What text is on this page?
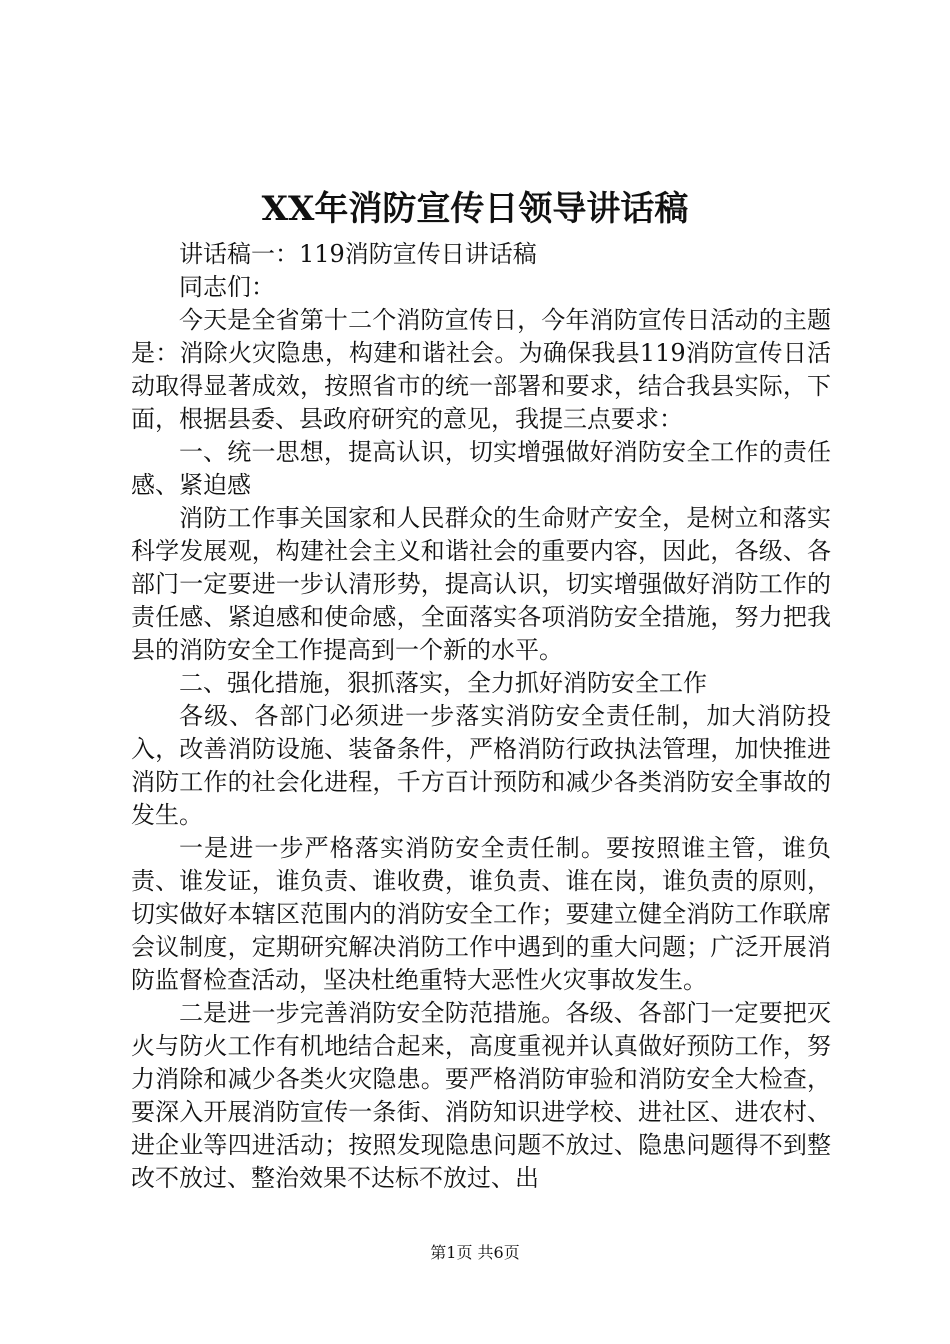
XX年消防宣传日领导讲话稿

讲话稿一：119消防宣传日讲话稿

同志们：

今天是全省第十二个消防宣传日，今年消防宣传日活动的主题是：消除火灾隐患，构建和谐社会。为确保我县119消防宣传日活动取得显著成效，按照省市的统一部署和要求，结合我县实际，下面，根据县委、县政府研究的意见，我提三点要求：

一、统一思想，提高认识，切实增强做好消防安全工作的责任感、紧迫感

消防工作事关国家和人民群众的生命财产安全，是树立和落实科学发展观，构建社会主义和谐社会的重要内容，因此，各级、各部门一定要进一步认清形势，提高认识，切实增强做好消防工作的责任感、紧迫感和使命感，全面落实各项消防安全措施，努力把我县的消防安全工作提高到一个新的水平。

二、强化措施，狠抓落实，全力抓好消防安全工作

各级、各部门必须进一步落实消防安全责任制，加大消防投入，改善消防设施、装备条件，严格消防行政执法管理，加快推进消防工作的社会化进程，千方百计预防和减少各类消防安全事故的发生。

一是进一步严格落实消防安全责任制。要按照谁主管，谁负责、谁发证，谁负责、谁收费，谁负责、谁在岗，谁负责的原则，切实做好本辖区范围内的消防安全工作；要建立健全消防工作联席会议制度，定期研究解决消防工作中遇到的重大问题；广泛开展消防监督检查活动，坚决杜绝重特大恶性火灾事故发生。

二是进一步完善消防安全防范措施。各级、各部门一定要把灭火与防火工作有机地结合起来，高度重视并认真做好预防工作，努力消除和减少各类火灾隐患。要严格消防审验和消防安全大检查，要深入开展消防宣传一条街、消防知识进学校、进社区、进农村、进企业等四进活动；按照发现隐患问题不放过、隐患问题得不到整改不放过、整治效果不达标不放过、出

第1页 共6页
